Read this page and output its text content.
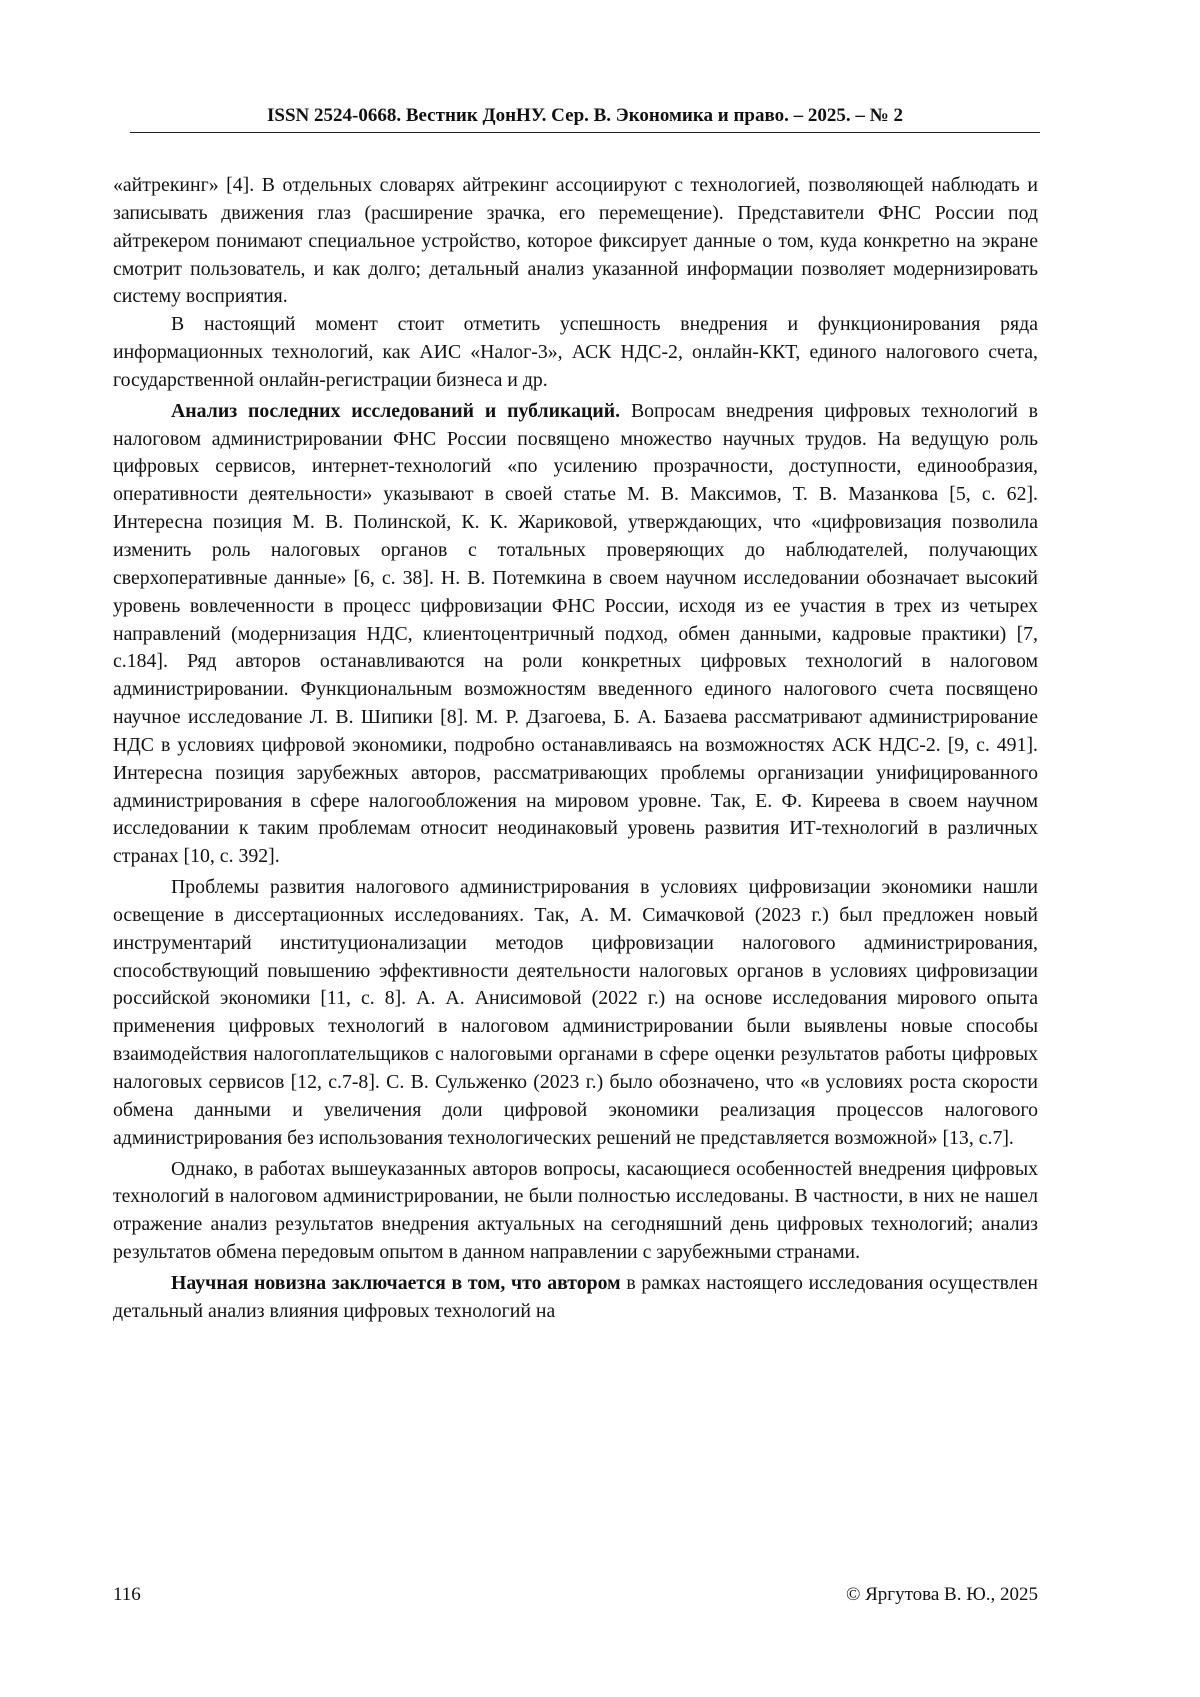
ISSN 2524-0668. Вестник ДонНУ. Сер. В. Экономика и право. – 2025. – № 2

«айтрекинг» [4]. В отдельных словарях айтрекинг ассоциируют с технологией, позволяющей наблюдать и записывать движения глаз (расширение зрачка, его перемещение). Представители ФНС России под айтрекером понимают специальное устройство, которое фиксирует данные о том, куда конкретно на экране смотрит пользователь, и как долго; детальный анализ указанной информации позволяет модернизировать систему восприятия.

В настоящий момент стоит отметить успешность внедрения и функционирования ряда информационных технологий, как АИС «Налог-3», АСК НДС-2, онлайн-ККТ, единого налогового счета, государственной онлайн-регистрации бизнеса и др.

Анализ последних исследований и публикаций. Вопросам внедрения цифровых технологий в налоговом администрировании ФНС России посвящено множество научных трудов. На ведущую роль цифровых сервисов, интернет-технологий «по усилению прозрачности, доступности, единообразия, оперативности деятельности» указывают в своей статье М. В. Максимов, Т. В. Мазанкова [5, с. 62]. Интересна позиция М. В. Полинской, К. К. Жариковой, утверждающих, что «цифровизация позволила изменить роль налоговых органов с тотальных проверяющих до наблюдателей, получающих сверхоперативные данные» [6, с. 38]. Н. В. Потемкина в своем научном исследовании обозначает высокий уровень вовлеченности в процесс цифровизации ФНС России, исходя из ее участия в трех из четырех направлений (модернизация НДС, клиентоцентричный подход, обмен данными, кадровые практики) [7, с.184]. Ряд авторов останавливаются на роли конкретных цифровых технологий в налоговом администрировании. Функциональным возможностям введенного единого налогового счета посвящено научное исследование Л. В. Шипики [8]. М. Р. Дзагоева, Б. А. Базаева рассматривают администрирование НДС в условиях цифровой экономики, подробно останавливаясь на возможностях АСК НДС-2. [9, с. 491]. Интересна позиция зарубежных авторов, рассматривающих проблемы организации унифицированного администрирования в сфере налогообложения на мировом уровне. Так, Е. Ф. Киреева в своем научном исследовании к таким проблемам относит неодинаковый уровень развития ИТ-технологий в различных странах [10, с. 392].

Проблемы развития налогового администрирования в условиях цифровизации экономики нашли освещение в диссертационных исследованиях. Так, А. М. Симачковой (2023 г.) был предложен новый инструментарий институционализации методов цифровизации налогового администрирования, способствующий повышению эффективности деятельности налоговых органов в условиях цифровизации российской экономики [11, с. 8]. А. А. Анисимовой (2022 г.) на основе исследования мирового опыта применения цифровых технологий в налоговом администрировании были выявлены новые способы взаимодействия налогоплательщиков с налоговыми органами в сфере оценки результатов работы цифровых налоговых сервисов [12, с.7-8]. С. В. Сульженко (2023 г.) было обозначено, что «в условиях роста скорости обмена данными и увеличения доли цифровой экономики реализация процессов налогового администрирования без использования технологических решений не представляется возможной» [13, с.7].

Однако, в работах вышеуказанных авторов вопросы, касающиеся особенностей внедрения цифровых технологий в налоговом администрировании, не были полностью исследованы. В частности, в них не нашел отражение анализ результатов внедрения актуальных на сегодняшний день цифровых технологий; анализ результатов обмена передовым опытом в данном направлении с зарубежными странами.

Научная новизна заключается в том, что автором в рамках настоящего исследования осуществлен детальный анализ влияния цифровых технологий на

116	© Яргутова В. Ю., 2025
